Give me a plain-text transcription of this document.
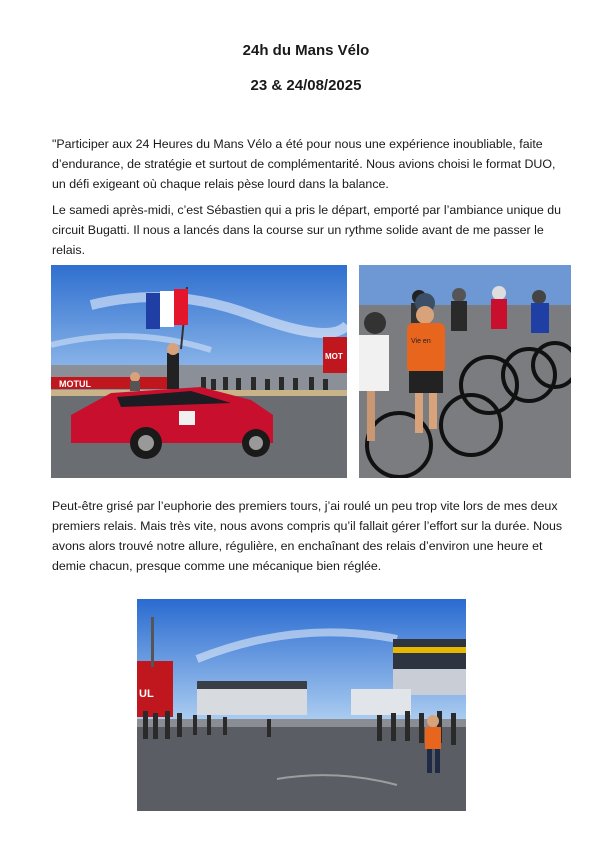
24h du Mans Vélo
23 & 24/08/2025

"Participer aux 24 Heures du Mans Vélo a été pour nous une expérience inoubliable, faite d’endurance, de stratégie et surtout de complémentarité. Nous avions choisi le format DUO, un défi exigeant où chaque relais pèse lourd dans la balance.

Le samedi après-midi, c’est Sébastien qui a pris le départ, emporté par l’ambiance unique du circuit Bugatti. Il nous a lancés dans la course sur un rythme solide avant de me passer le relais.

MOTUL
MOT
Vie en

Peut-être grisé par l’euphorie des premiers tours, j’ai roulé un peu trop vite lors de mes deux premiers relais. Mais très vite, nous avons compris qu’il fallait gérer l’effort sur la durée. Nous avons alors trouvé notre allure, régulière, en enchaînant des relais d’environ une heure et demie chacun, presque comme une mécanique bien réglée.

UL
